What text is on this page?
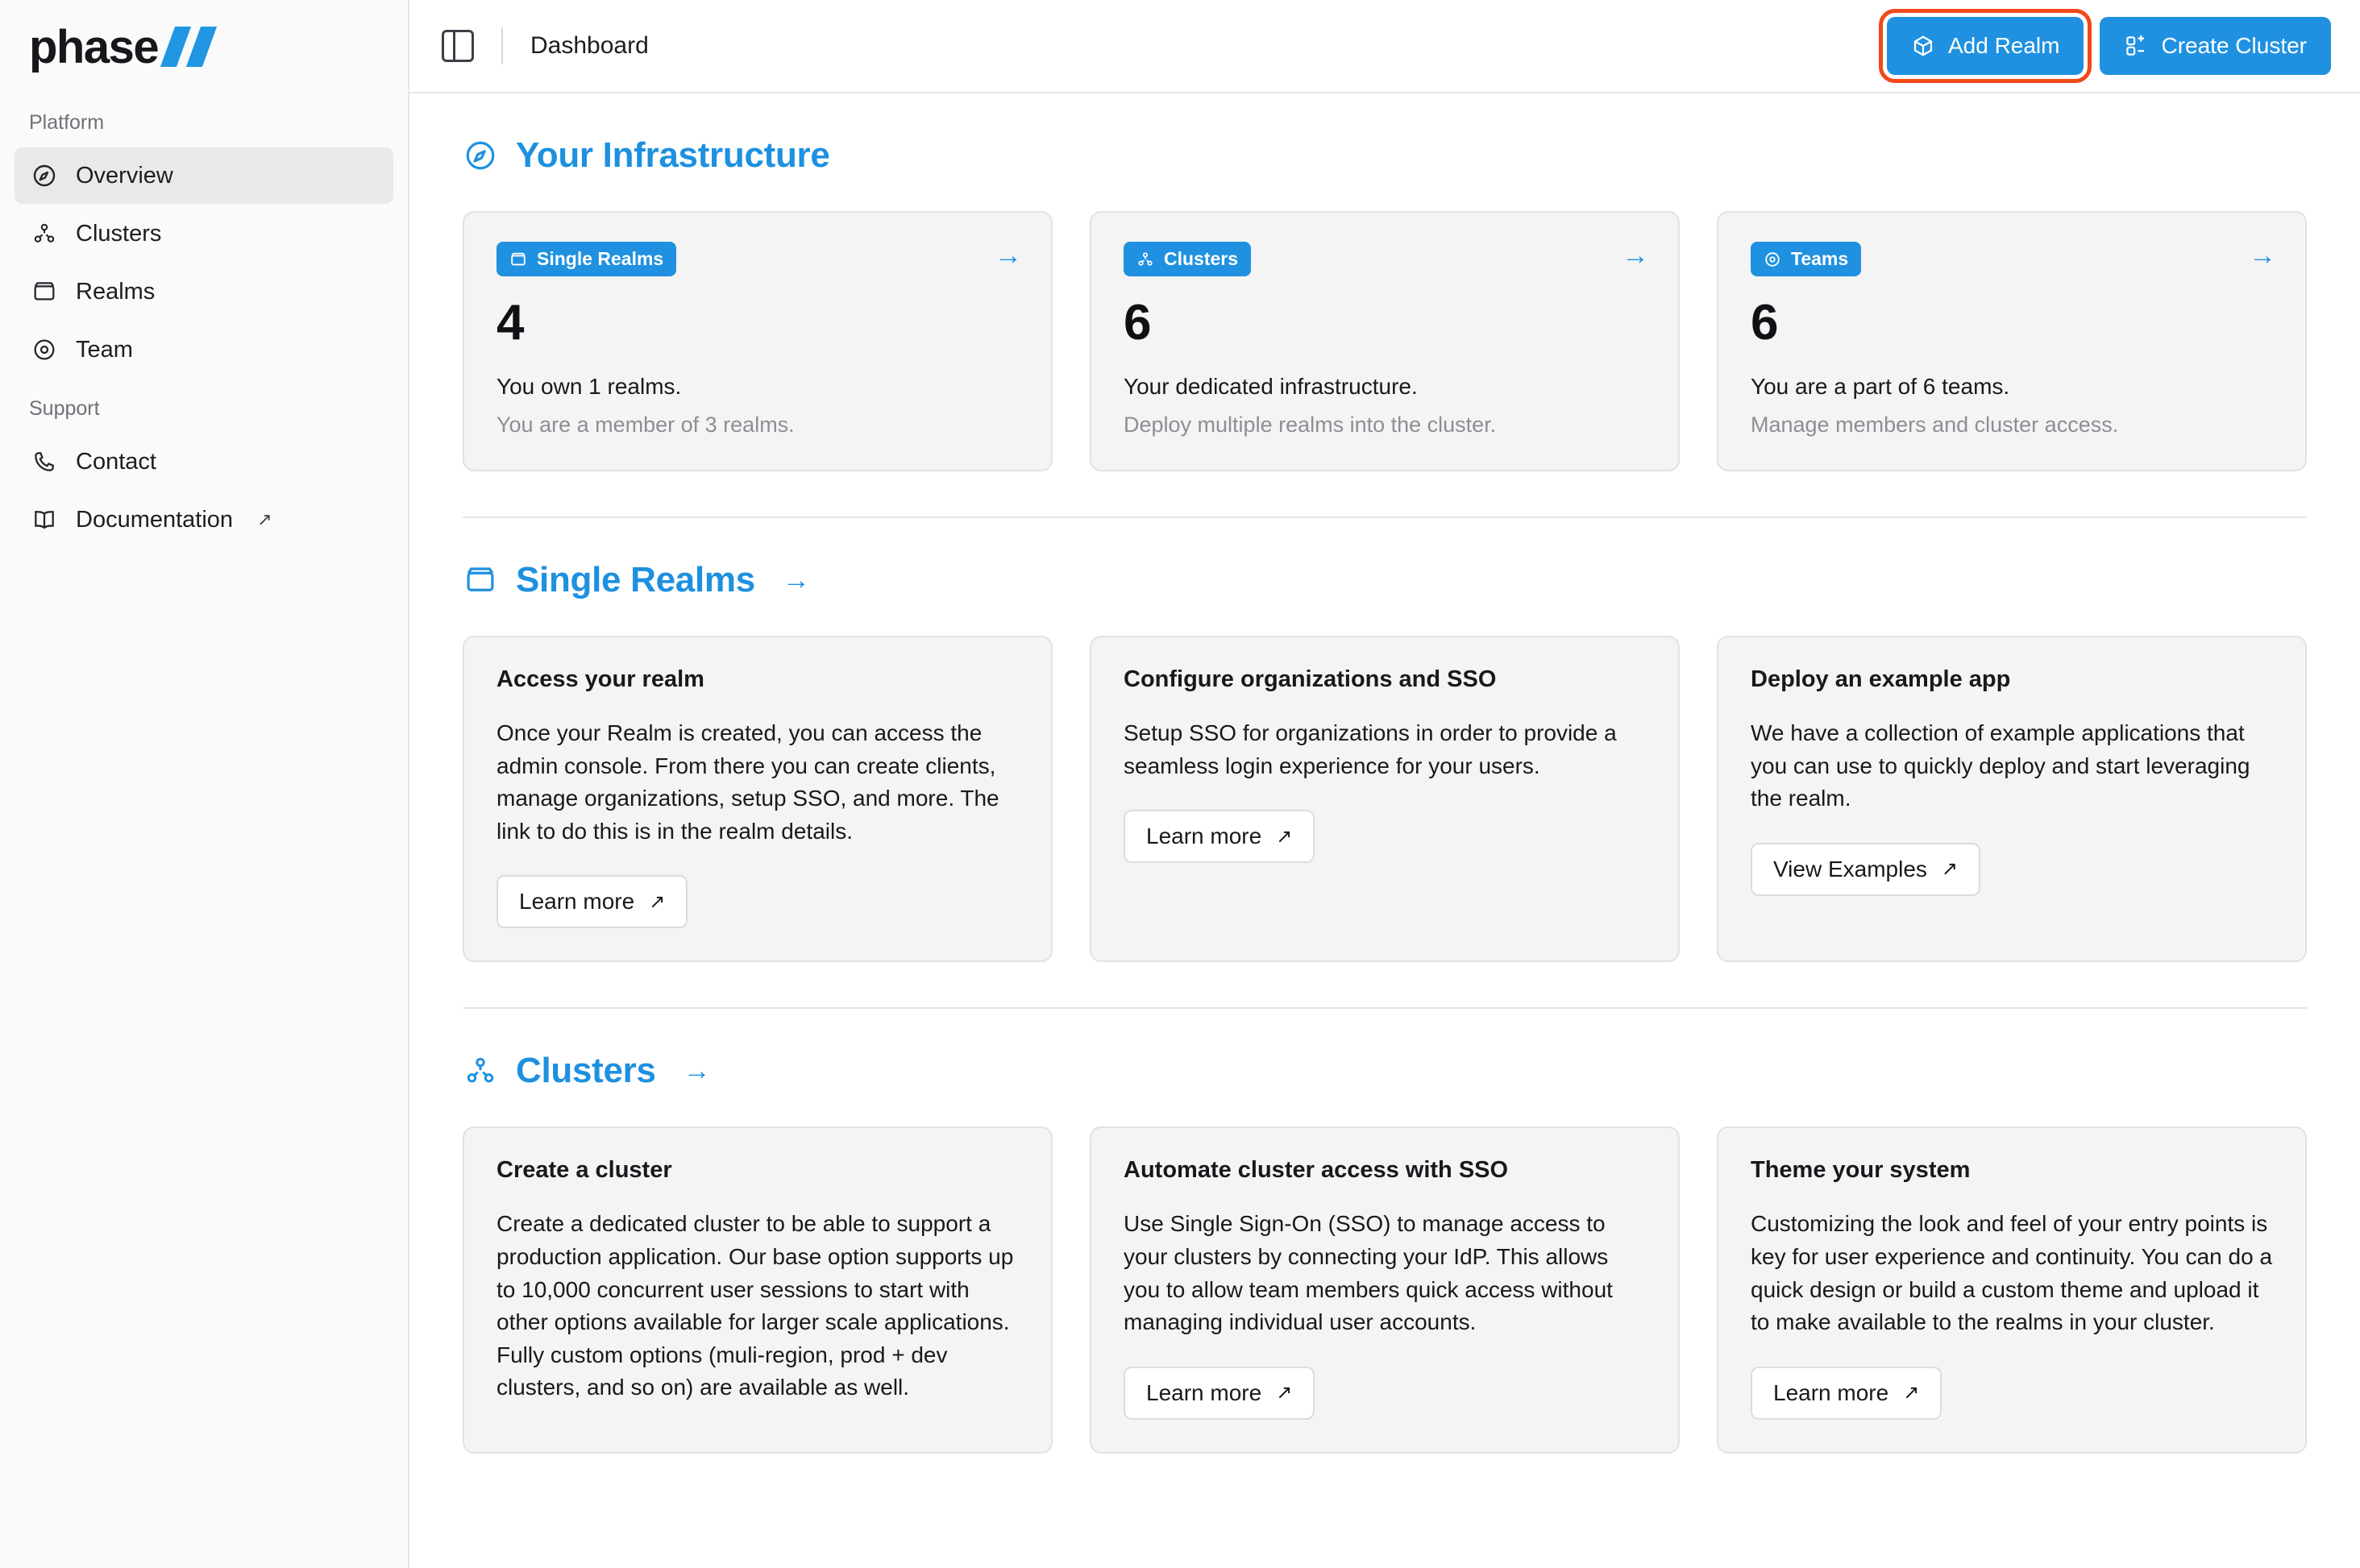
phase
Platform
Overview
Clusters
Realms
Team
Support
Contact
Documentation ↗
Dashboard	Add Realm	Create Cluster
Your Infrastructure
Single Realms	→
4
You own 1 realms.
You are a member of 3 realms.
Clusters	→
6
Your dedicated infrastructure.
Deploy multiple realms into the cluster.
Teams	→
6
You are a part of 6 teams.
Manage members and cluster access.
Single Realms →
Access your realm

Once your Realm is created, you can access the admin console. From there you can create clients, manage organizations, setup SSO, and more. The link to do this is in the realm details.

Learn more ↗
Configure organizations and SSO

Setup SSO for organizations in order to provide a seamless login experience for your users.

Learn more ↗
Deploy an example app

We have a collection of example applications that you can use to quickly deploy and start leveraging the realm.

View Examples ↗
Clusters →
Create a cluster

Create a dedicated cluster to be able to support a production application. Our base option supports up to 10,000 concurrent user sessions to start with other options available for larger scale applications. Fully custom options (muli-region, prod + dev clusters, and so on) are available as well.

Automate cluster access with SSO

Use Single Sign-On (SSO) to manage access to your clusters by connecting your IdP. This allows you to allow team members quick access without managing individual user accounts.

Learn more ↗
Theme your system

Customizing the look and feel of your entry points is key for user experience and continuity. You can do a quick design or build a custom theme and upload it to make available to the realms in your cluster.

Learn more ↗
